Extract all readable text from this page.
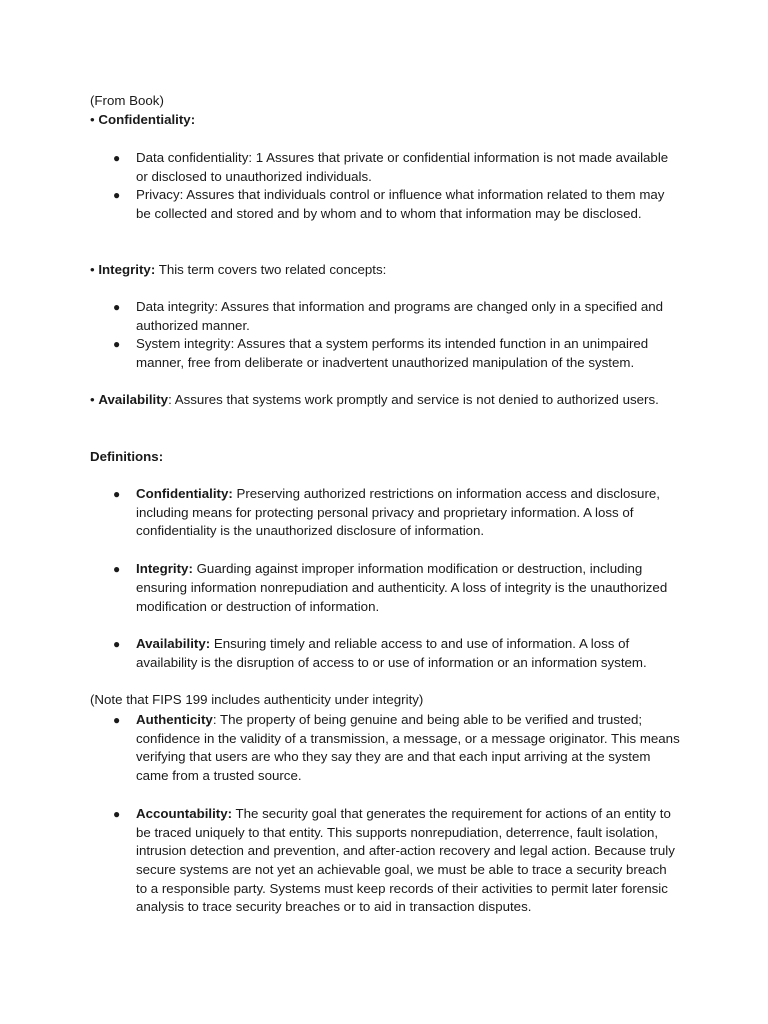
(From Book)

• Confidentiality:

● Data confidentiality: 1 Assures that private or confidential information is not made available or disclosed to unauthorized individuals.
● Privacy: Assures that individuals control or influence what information related to them may be collected and stored and by whom and to whom that information may be disclosed.

• Integrity: This term covers two related concepts:

● Data integrity: Assures that information and programs are changed only in a specified and authorized manner.
● System integrity: Assures that a system performs its intended function in an unimpaired manner, free from deliberate or inadvertent unauthorized manipulation of the system.

• Availability: Assures that systems work promptly and service is not denied to authorized users.

Definitions:

● Confidentiality: Preserving authorized restrictions on information access and disclosure, including means for protecting personal privacy and proprietary information. A loss of confidentiality is the unauthorized disclosure of information.
● Integrity: Guarding against improper information modification or destruction, including ensuring information nonrepudiation and authenticity. A loss of integrity is the unauthorized modification or destruction of information.
● Availability: Ensuring timely and reliable access to and use of information. A loss of availability is the disruption of access to or use of information or an information system.

(Note that FIPS 199 includes authenticity under integrity)

● Authenticity: The property of being genuine and being able to be verified and trusted; confidence in the validity of a transmission, a message, or a message originator. This means verifying that users are who they say they are and that each input arriving at the system came from a trusted source.
● Accountability: The security goal that generates the requirement for actions of an entity to be traced uniquely to that entity. This supports nonrepudiation, deterrence, fault isolation, intrusion detection and prevention, and after-action recovery and legal action. Because truly secure systems are not yet an achievable goal, we must be able to trace a security breach to a responsible party. Systems must keep records of their activities to permit later forensic analysis to trace security breaches or to aid in transaction disputes.
